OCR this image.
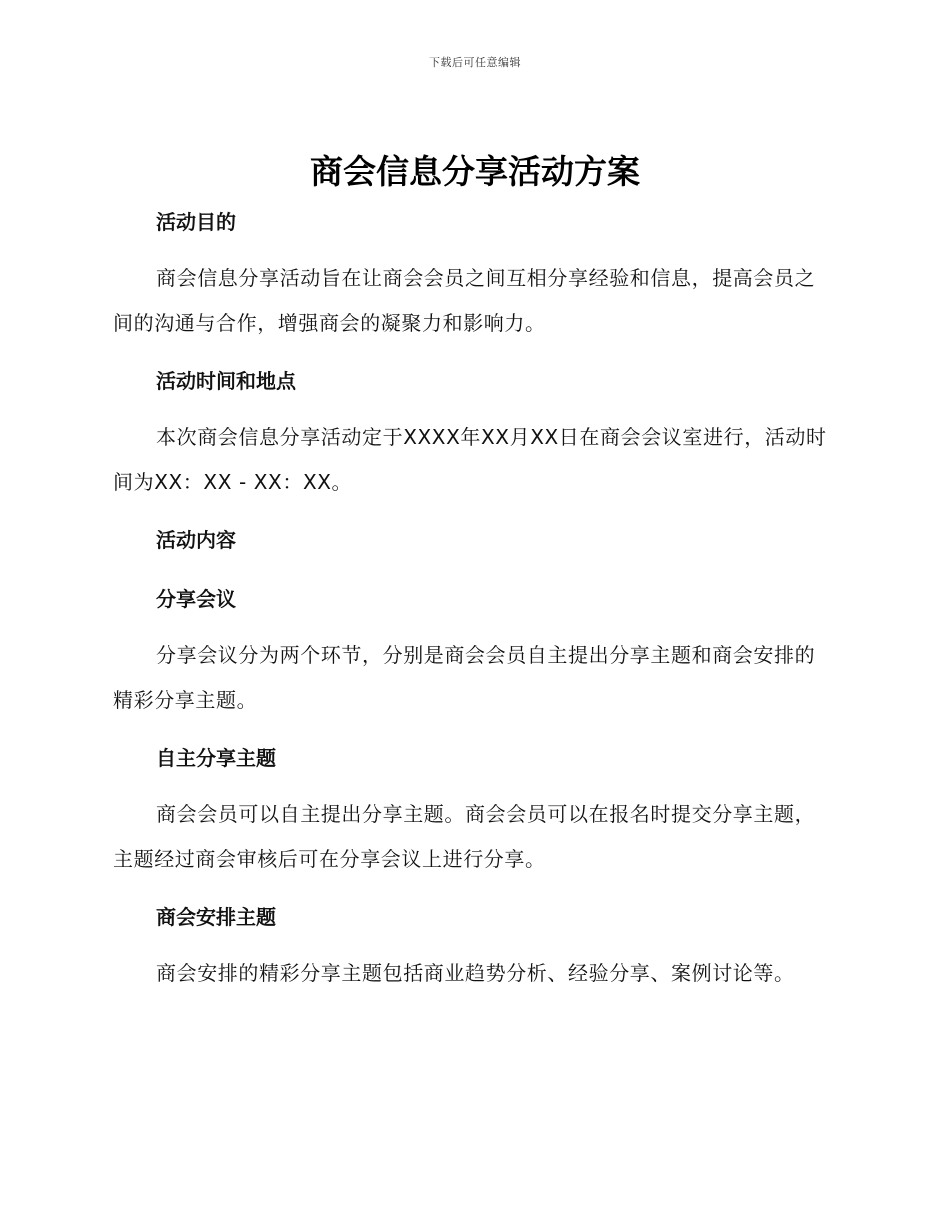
下载后可任意编辑
商会信息分享活动方案
活动目的

商会信息分享活动旨在让商会会员之间互相分享经验和信息，提高会员之间的沟通与合作，增强商会的凝聚力和影响力。

活动时间和地点

本次商会信息分享活动定于XXXX年XX月XX日在商会会议室进行，活动时间为XX：XX - XX：XX。

活动内容
分享会议

分享会议分为两个环节，分别是商会会员自主提出分享主题和商会安排的精彩分享主题。

自主分享主题

商会会员可以自主提出分享主题。商会会员可以在报名时提交分享主题，主题经过商会审核后可在分享会议上进行分享。

商会安排主题

商会安排的精彩分享主题包括商业趋势分析、经验分享、案例讨论等。
